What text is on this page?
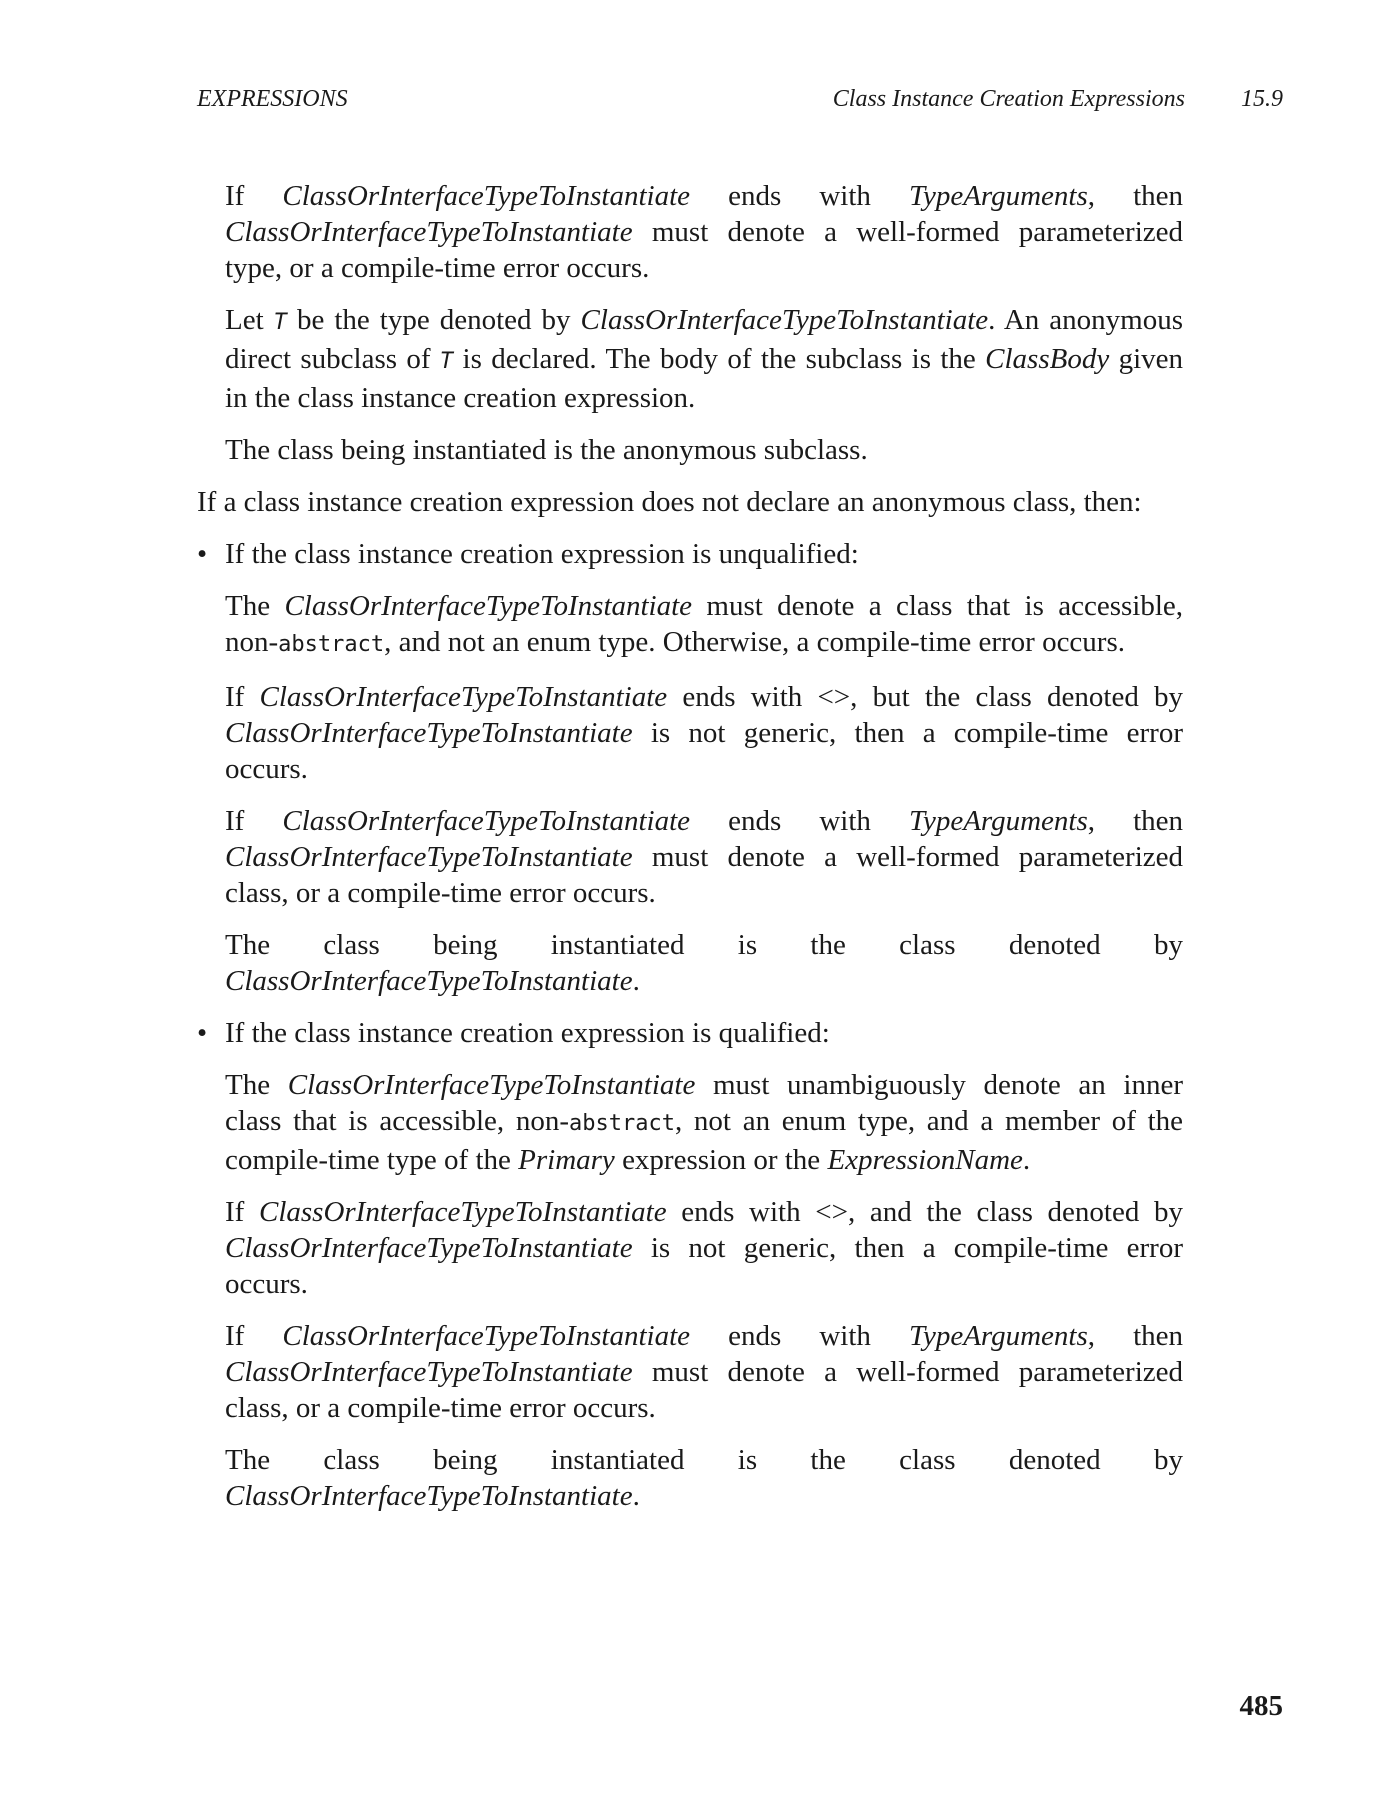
EXPRESSIONS	Class Instance Creation Expressions 15.9

If ClassOrInterfaceTypeToInstantiate ends with TypeArguments, then ClassOrInterfaceTypeToInstantiate must denote a well-formed parameterized type, or a compile-time error occurs.

Let T be the type denoted by ClassOrInterfaceTypeToInstantiate. An anonymous direct subclass of T is declared. The body of the subclass is the ClassBody given in the class instance creation expression.

The class being instantiated is the anonymous subclass.

If a class instance creation expression does not declare an anonymous class, then:

• If the class instance creation expression is unqualified:

The ClassOrInterfaceTypeToInstantiate must denote a class that is accessible, non-abstract, and not an enum type. Otherwise, a compile-time error occurs.

If ClassOrInterfaceTypeToInstantiate ends with <>, but the class denoted by ClassOrInterfaceTypeToInstantiate is not generic, then a compile-time error occurs.

If ClassOrInterfaceTypeToInstantiate ends with TypeArguments, then ClassOrInterfaceTypeToInstantiate must denote a well-formed parameterized class, or a compile-time error occurs.

The class being instantiated is the class denoted by
ClassOrInterfaceTypeToInstantiate.
• If the class instance creation expression is qualified:

The ClassOrInterfaceTypeToInstantiate must unambiguously denote an inner class that is accessible, non-abstract, not an enum type, and a member of the compile-time type of the Primary expression or the ExpressionName.

If ClassOrInterfaceTypeToInstantiate ends with <>, and the class denoted by ClassOrInterfaceTypeToInstantiate is not generic, then a compile-time error occurs.

If ClassOrInterfaceTypeToInstantiate ends with TypeArguments, then ClassOrInterfaceTypeToInstantiate must denote a well-formed parameterized class, or a compile-time error occurs.

The class being instantiated is the class denoted by
ClassOrInterfaceTypeToInstantiate.
485
